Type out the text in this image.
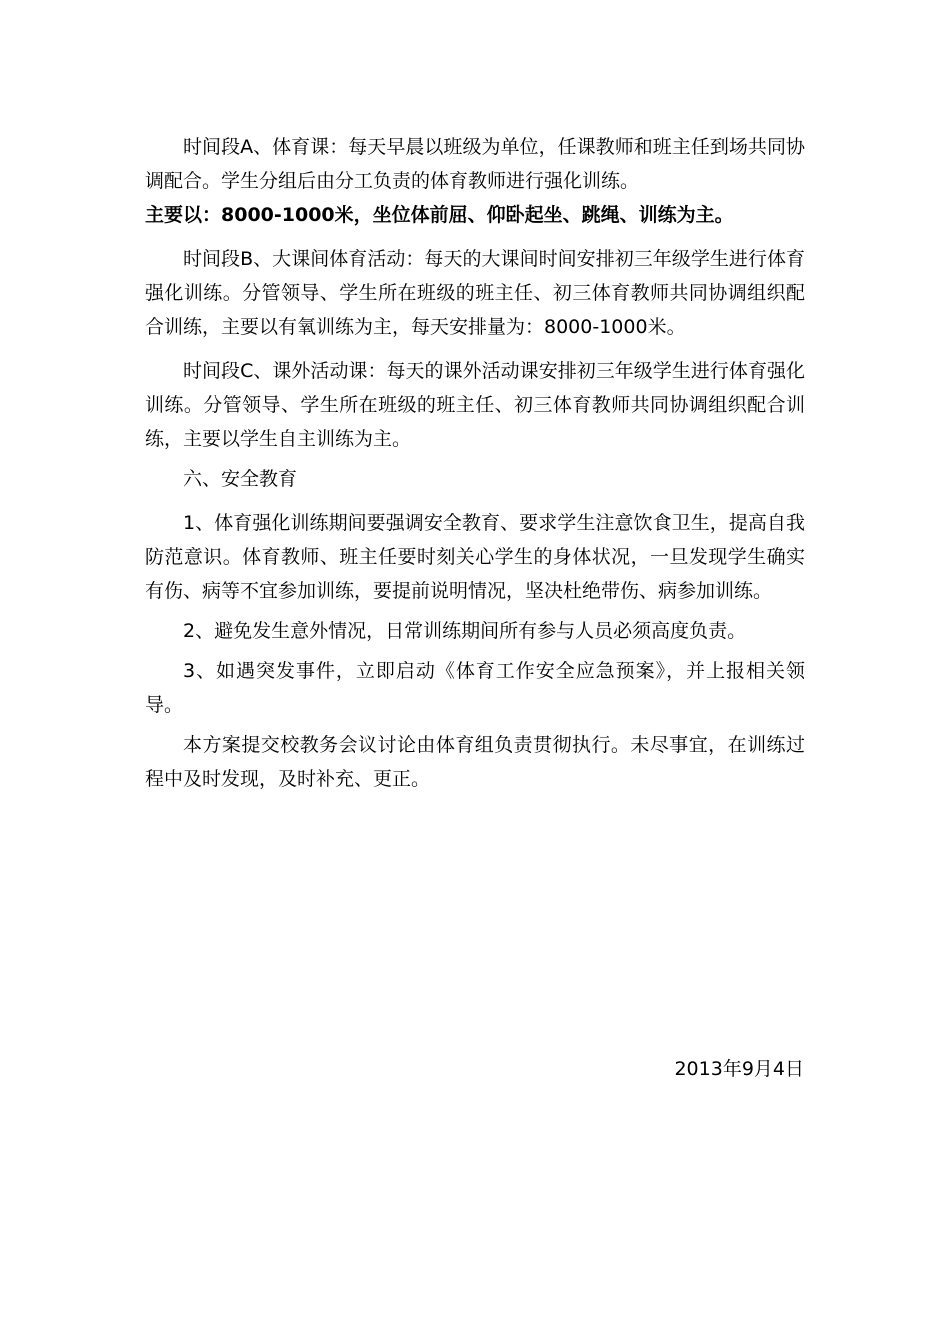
时间段A、体育课：每天早晨以班级为单位，任课教师和班主任到场共同协调配合。学生分组后由分工负责的体育教师进行强化训练。

主要以：8000-1000米，坐位体前屈、仰卧起坐、跳绳、训练为主。

时间段B、大课间体育活动：每天的大课间时间安排初三年级学生进行体育强化训练。分管领导、学生所在班级的班主任、初三体育教师共同协调组织配合训练，主要以有氧训练为主，每天安排量为：8000-1000米。

时间段C、课外活动课：每天的课外活动课安排初三年级学生进行体育强化训练。分管领导、学生所在班级的班主任、初三体育教师共同协调组织配合训练，主要以学生自主训练为主。

六、安全教育

1、体育强化训练期间要强调安全教育、要求学生注意饮食卫生，提高自我防范意识。体育教师、班主任要时刻关心学生的身体状况，一旦发现学生确实有伤、病等不宜参加训练，要提前说明情况，坚决杜绝带伤、病参加训练。

2、避免发生意外情况，日常训练期间所有参与人员必须高度负责。

3、如遇突发事件，立即启动《体育工作安全应急预案》，并上报相关领导。

本方案提交校教务会议讨论由体育组负责贯彻执行。未尽事宜，在训练过程中及时发现，及时补充、更正。

2013年9月4日
